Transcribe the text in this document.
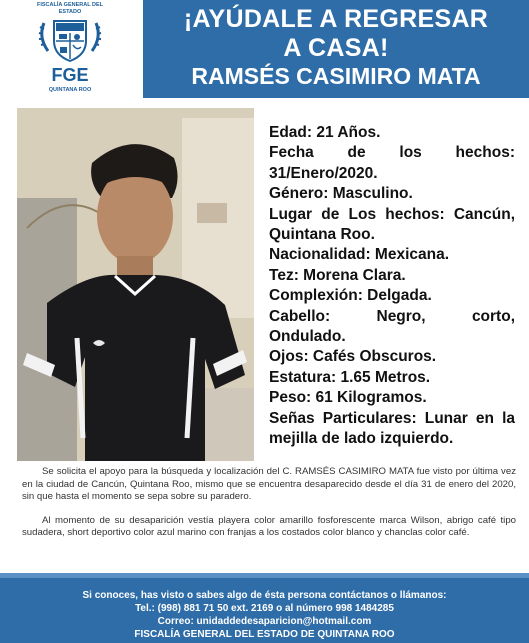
FISCALÍA GENERAL DEL ESTADO
FGE
QUINTANA ROO
¡AYÚDALE A REGRESAR
A CASA!
RAMSÉS CASIMIRO MATA
Edad: 21 Años.
Fecha de los hechos:
31/Enero/2020.
Género: Masculino.
Lugar de Los hechos: Cancún,
Quintana Roo.
Nacionalidad: Mexicana.
Tez: Morena Clara.
Complexión: Delgada.
Cabello: Negro, corto,
Ondulado.
Ojos: Cafés Obscuros.
Estatura: 1.65 Metros.
Peso: 61 Kilogramos.
Señas Particulares: Lunar en la
mejilla de lado izquierdo.

Se solicita el apoyo para la búsqueda y localización del C. RAMSÉS CASIMIRO MATA fue visto por última vez en la ciudad de Cancún, Quintana Roo, mismo que se encuentra desaparecido desde el día 31 de enero del 2020, sin que hasta el momento se sepa sobre su paradero.

Al momento de su desaparición vestía playera color amarillo fosforescente marca Wilson, abrigo café tipo sudadera, short deportivo color azul marino con franjas a los costados color blanco y chanclas color café.

Si conoces, has visto o sabes algo de ésta persona contáctanos o llámanos:
Tel.: (998) 881 71 50 ext. 2169 o al número 998 1484285
Correo: unidaddedesaparicion@hotmail.com
FISCALÍA GENERAL DEL ESTADO DE QUINTANA ROO
